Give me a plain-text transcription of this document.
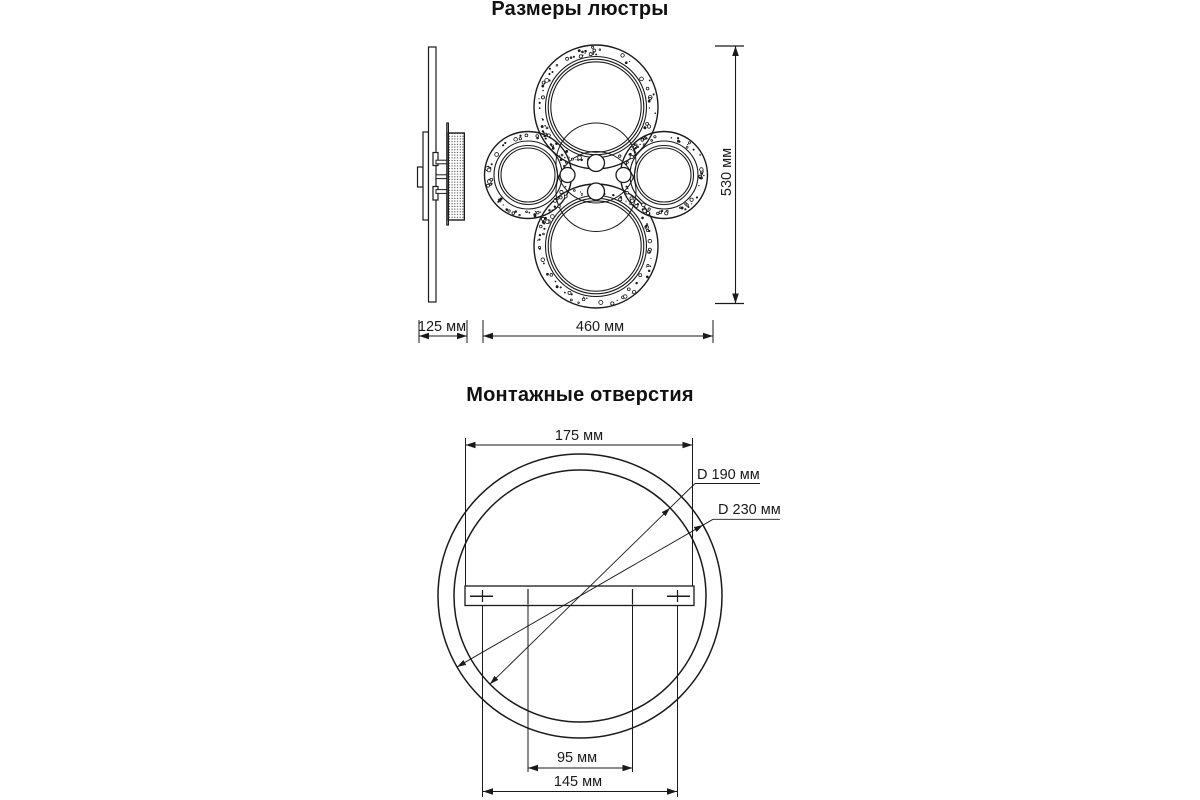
Размеры люстры
Монтажные отверстия
530 мм
125 мм	460 мм
175 мм
D 190 мм
D 230 мм
95 мм
145 мм
